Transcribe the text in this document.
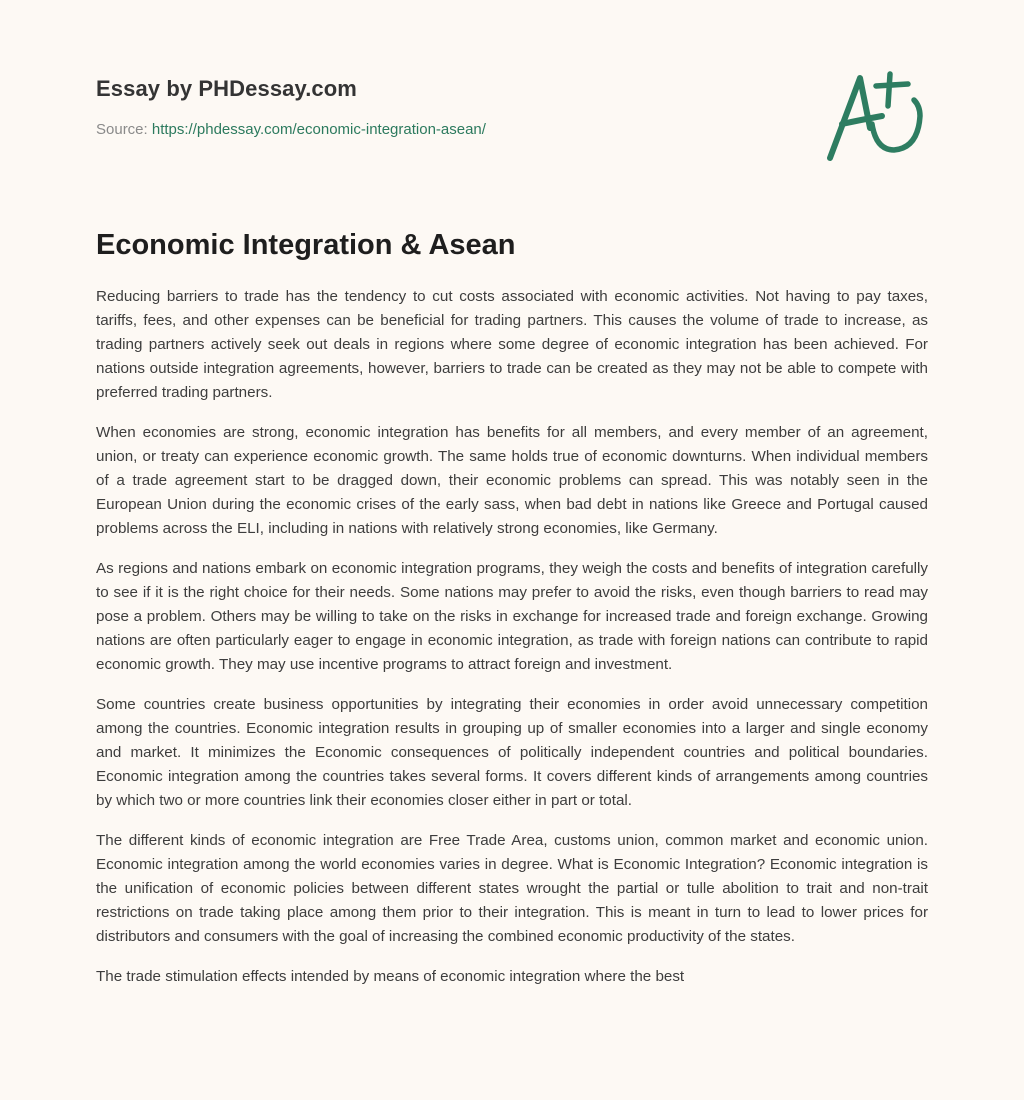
Essay by PHDessay.com
Source: https://phdessay.com/economic-integration-asean/
Economic Integration & Asean

Reducing barriers to trade has the tendency to cut costs associated with economic activities. Not having to pay taxes, tariffs, fees, and other expenses can be beneficial for trading partners. This causes the volume of trade to increase, as trading partners actively seek out deals in regions where some degree of economic integration has been achieved. For nations outside integration agreements, however, barriers to trade can be created as they may not be able to compete with preferred trading partners.

When economies are strong, economic integration has benefits for all members, and every member of an agreement, union, or treaty can experience economic growth. The same holds true of economic downturns. When individual members of a trade agreement start to be dragged down, their economic problems can spread. This was notably seen in the European Union during the economic crises of the early sass, when bad debt in nations like Greece and Portugal caused problems across the ELI, including in nations with relatively strong economies, like Germany.

As regions and nations embark on economic integration programs, they weigh the costs and benefits of integration carefully to see if it is the right choice for their needs. Some nations may prefer to avoid the risks, even though barriers to read may pose a problem. Others may be willing to take on the risks in exchange for increased trade and foreign exchange. Growing nations are often particularly eager to engage in economic integration, as trade with foreign nations can contribute to rapid economic growth. They may use incentive programs to attract foreign and investment.

Some countries create business opportunities by integrating their economies in order avoid unnecessary competition among the countries. Economic integration results in grouping up of smaller economies into a larger and single economy and market. It minimizes the Economic consequences of politically independent countries and political boundaries. Economic integration among the countries takes several forms. It covers different kinds of arrangements among countries by which two or more countries link their economies closer either in part or total.

The different kinds of economic integration are Free Trade Area, customs union, common market and economic union. Economic integration among the world economies varies in degree. What is Economic Integration? Economic integration is the unification of economic policies between different states wrought the partial or tulle abolition to trait and non-trait restrictions on trade taking place among them prior to their integration. This is meant in turn to lead to lower prices for distributors and consumers with the goal of increasing the combined economic productivity of the states.

The trade stimulation effects intended by means of economic integration where the best
